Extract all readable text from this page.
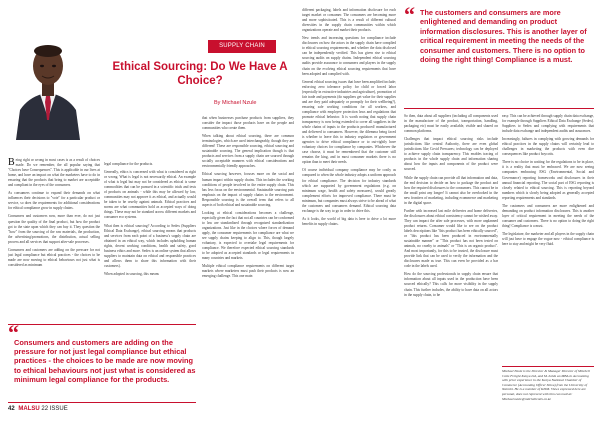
SUPPLY CHAIN
Ethical Sourcing: Do We Have A Choice?
By Michael Nzule

Being right or wrong in most cases is as a result of choices made. Do we remember, the all popular saying that "Choices have Consequences". This is applicable in our lives at home, and have an impact on what the marketers have to do in ensuring that the products that bring to market are acceptable and compliant in the eyes of the consumers.

As consumers continue to expand their demands on what influences their decisions to "vote" for a particular product or service, so does the requirements for additional considerations for ethical compliance grow in supply chains.

Consumers and customers now, more than ever, do not just question the quality of the final product, but how the product got to the state upon which they can buy it. They question the "how" from the sourcing of the raw materials, the production, the advertising/promotions, the distribution, actual selling process and all services that support after-sale processes.

Consumers and customers are adding on the pressure for not just legal compliance but ethical practices - the choices to be made are now moving to ethical behaviours not just what is considered as minimum

legal compliance for the products.

Generally, ethics is concerned with what is considered as right or wrong. What is legal is not necessarily ethical. An example of what is legal but may not be considered as ethical is some commodities that can be pursued in a scientific trials and tests of products on animals - while this may be allowed by law, communities may not approve it as ethical, and actually would be taken to be cruelty against animals. Ethical practices and norms are what communities hold as accepted ways of doing things. These may not be standard across different markets and consumer eco systems.

What then is ethical sourcing? According to Sedex (Suppliers Ethical Data Exchange), ethical sourcing means that products and services from each point of a business's supply chain are obtained in an ethical way, which includes upholding human rights, decent working conditions, health and safety, good business ethics and more. Sedex is an online system that allows suppliers to maintain data on ethical and responsible practices and allows them to share this information with their customers).

When adopted in sourcing, this means

that when businesses purchase products from suppliers, they consider the impact those products have on the people and communities who create them.

When talking about ethical sourcing, there are common terminologies, which are used interchangeably, though they are different! These are responsible sourcing, ethical sourcing and sustainable sourcing. The general implication though is that products and services from a supply chain are sourced through socially acceptable manners with ethical considerations and environmentally friendly approaches.

Ethical sourcing however, focuses more on the social and human impact within supply chains. This includes the working conditions of people involved in the entire supply chain. This has less focus on the environmental. Sustainable sourcing puts emphasis on the impact of supply chains to the environment. Responsible sourcing is the overall term that refers to all aspects of both ethical and sustainable sourcing.

Looking at ethical considerations becomes a challenge, especially given the fact that not all countries can be conformed to law are standardized through recognized standardization organizations. Just like in the choices where forces of demand apply, the consumer requirements for compliance are what we see supply chains keeping to align to. This, though largely voluntary, is expected to overtake legal requirements for compliance. We therefore expected ethical sourcing standards to be adopted as accepted standards or legal requirements in many countries and markets.

Multiple ethical compliance requirements on different target markets where marketers must push their products is now an emerging challenge. This one main

“
Consumers and customers are adding on the pressure for not just legal compliance but ethical practices - the choices to be made are now moving to ethical behaviours not just what is considered as minimum legal compliance for the products.

different packaging, labels and information disclosure for each target market or consumer. The consumers are becoming more and more sophisticated. This is a result of different cultural diversities in the supply chain communities within which organizations operate and market their products.

New trends and increasing questions for compliance include disclosures on how the actors in the supply chain have complied to ethical sourcing requirements, and whether the data disclosed can be independently verified. This has given rise to ethical sourcing audits on supply chains. Independent ethical sourcing audits provide assurance to consumers and players in the supply chain on the evolving ethical sourcing requirements that have been adopted and complied with.

General ethical sourcing issues that have been amplified include; enforcing zero tolerance policy for child or forced labor (especially in extractive industries and agriculture), promotion of fair trade and payments (do suppliers get value for their supplies and are they paid adequately or promptly for their wellbeing?), ensuring safe working conditions for all workers, and compliance with employee protection laws and regulations that promote ethical behavior. It is worth noting that supply chain transparency is now being extended to cover all suppliers in the whole chains of inputs to the products produced/ manufactured and delivered to consumers. However, the dilemma being faced is whether to leave this to industry regulators or government agencies to drive ethical compliance or to out-rightly have voluntary choices for compliance by companies. Whichever the case choose, it must be remembered that the customer still remains the king, and in most consumer markets there is no option than to meet their needs.

Of course individual company compliance may be costly as compared to when the whole industry adopts a uniform approach for ethical compliance. The decision for industry standards which are supported by government regulations (e.g. on minimum wage, health and safety measures), would greatly complement efforts for improved compliance. There must be minimum, but companies must always strive to be ahead of what the customers and consumers demand. Ethical sourcing data exchange is the way to go in order to drive this.

As it looks, the world of big data is here to drive a lot more benefits in supply chains.

“ The customers and consumers are more enlightened and demanding on product information disclosures. This is another layer of critical requirement in meeting the needs of the consumer and customers. There is no option to doing the right thing! Compliance is a must.

So then, data about all suppliers (including all components used in the manufacture of the product, transportation, handling, packaging etc) must be easily available, visible and shared on common platforms.

Challenges that impact ethical sourcing risks include jurisdictions like central Authority, there are even global jurisdictions like Covid Pressures; technology can be deployed to achieve supply chain transparency. This enables tracing of products in the whole supply chain and information sharing about how the inputs and components of the product were sourced.

While the supply chain can provide all that information and data, the end decision to decide on how to package the product and how the required disclosures to the consumers. This cannot be in the small print any longer! It cannot also be overlooked in the new frontiers of marketing, including ecommerce and marketing in the digital space.

Further with increased last mile deliveries and home deliveries, the disclosures about ethical consistency cannot be wished away. They can impact the after sale processes, with more unplanned product returns. Consumer would like to see on the product labels descriptions like "this product has been ethically sourced", or "this product has been produced in environmentally sustainable manner" or "This product has not been tested on animals, no cruelty to animals" or "This is an organic product". And most importantly, for this to be trusted, the disclosure must provide link that can be used to verify the information and the disclosures made as true. This can even be provided as a bar code in the labels used.

How do the sourcing professionals in supply chain ensure that information about all inputs used in the production have been sourced ethically? This calls for more visibility in the supply chain. This further includes, the ability to have data on all actors in the supply chain, to be

easy. This can be achieved through supply chain data exchange, for example through Suppliers Ethical Data Exchange (Sedex). Suppliers to Sedex and complying with requirements that include data exchange and independent audits and assurances.

Increasingly, failures in complying with growing demands for ethical practices in the supply chains will certainly lead to challenges in marketing the products with even dire consequences like product boycotts.

There is no choice in waiting for the regulations to be in place, it is a reality that must be embraced. We are now seeing companies embracing ESG (Environmental, Social and Governance) reporting frameworks and disclosures in their annual financial reporting. The social part of ESG reporting is closely related to ethical sourcing. This is reporting beyond numbers which is slowly being adopted as generally accepted reporting requirements and standards.

The customers and consumers are more enlightened and demanding on product information disclosures. This is another layer of critical requirement in meeting the needs of the consumer and customers. There is no option to doing the right thing! Compliance is a must.

The legislature, the marketer and all players in the supply chain will just have to engage the vogue now - ethical compliance is here to stay and might be very fluid.

Michael Nzule is the Director & Manager Director of Mitchell Cotts Freight Kenya Ltd, and M. holds an MBA in Accounting with prior experience in the Kenya National Chamber of Commerce (Accounting Officer Shiva) from the University of Nairobi. He is a member of KISM. Views expressed here are personal, does not represent with him can mail at: Michael.nzule@mitchellcotts.co.ke
42 MALSU 22 ISSUE
